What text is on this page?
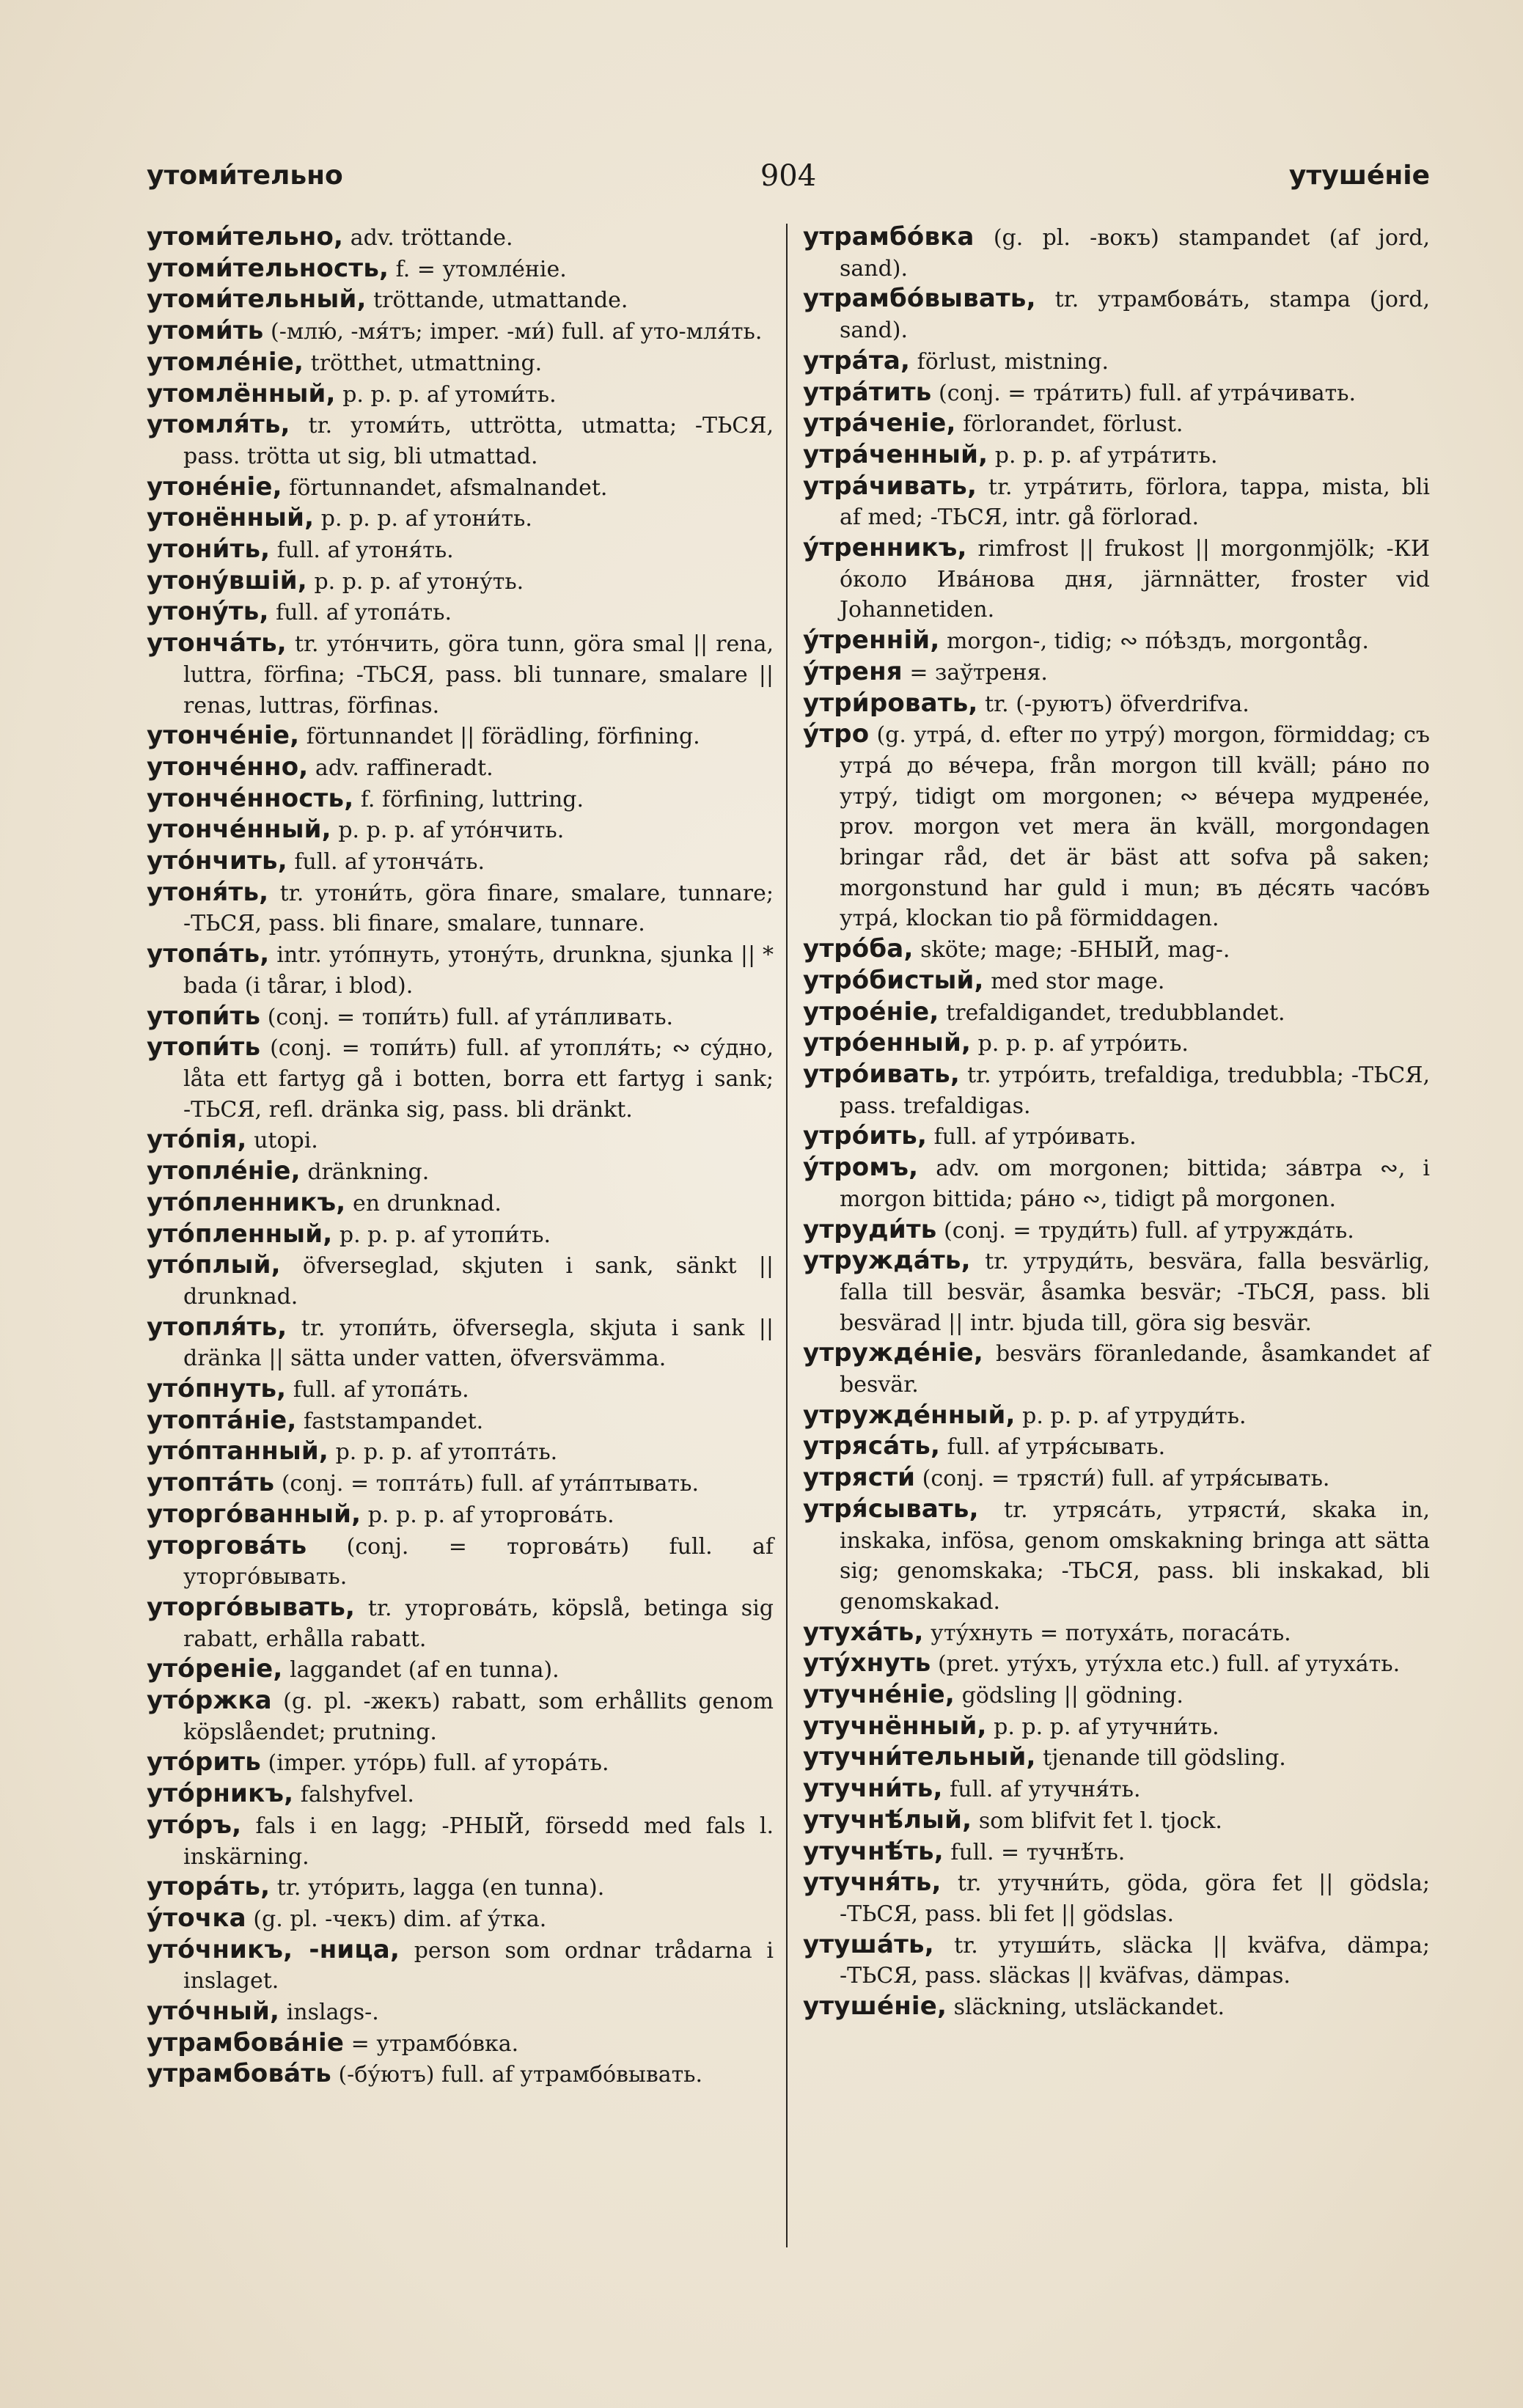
утоми́тельно	904	утуше́ніе
утоми́тельно, adv. tröttande.
утоми́тельность, f. = утомле́ніе.
утоми́тельный, tröttande, utmattande.
утоми́ть (-млю́, -мя́тъ; imper. -ми́) full. af уто-мля́ть.
утомле́ніе, trötthet, utmattning.
утомлённый, p. p. p. af утоми́ть.
утомля́ть, tr. утоми́ть, uttrötta, utmatta; -ТЬСЯ, pass. trötta ut sig, bli utmattad.
утоне́ніе, förtunnandet, afsmalnandet.
утонённый, p. p. p. af утони́ть.
утони́ть, full. af утоня́ть.
утону́вшій, p. p. p. af утону́ть.
утону́ть, full. af утопа́ть.
утонча́ть, tr. уто́нчить, göra tunn, göra smal || rena, luttra, förfina; -ТЬСЯ, pass. bli tunnare, smalare || renas, luttras, förfinas.
утонче́ніе, förtunnandet || förädling, förfining.
утонче́нно, adv. raffineradt.
утонче́нность, f. förfining, luttring.
утонче́нный, p. p. p. af уто́нчить.
уто́нчить, full. af утонча́ть.
утоня́ть, tr. утони́ть, göra finare, smalare, tunnare; -ТЬСЯ, pass. bli finare, smalare, tunnare.
утопа́ть, intr. уто́пнуть, утону́ть, drunkna, sjunka || * bada (i tårar, i blod).
утопи́ть (conj. = топи́ть) full. af ута́пливать.
утопи́ть (conj. = топи́ть) full. af утопля́ть; ∾ су́дно, låta ett fartyg gå i botten, borra ett fartyg i sank; -ТЬСЯ, refl. dränka sig, pass. bli dränkt.
уто́пія, utopi.
утопле́ніе, dränkning.
уто́пленникъ, en drunknad.
уто́пленный, p. p. p. af утопи́ть.
уто́плый, öfverseglad, skjuten i sank, sänkt || drunknad.
утопля́ть, tr. утопи́ть, öfversegla, skjuta i sank || dränka || sätta under vatten, öfversvämma.
уто́пнуть, full. af утопа́ть.
утопта́ніе, faststampandet.
уто́птанный, p. p. p. af утопта́ть.
утопта́ть (conj. = топта́ть) full. af ута́птывать.
уторго́ванный, p. p. p. af уторгова́ть.
уторгова́ть (conj. = торгова́ть) full. af уторго́вывать.
уторго́вывать, tr. уторгова́ть, köpslå, betinga sig rabatt, erhålla rabatt.
уто́реніе, laggandet (af en tunna).
уто́ржка (g. pl. -жекъ) rabatt, som erhållits genom köpslåendet; prutning.
уто́рить (imper. уто́рь) full. af утора́ть.
уто́рникъ, falshyfvel.
уто́ръ, fals i en lagg; -РНЫЙ, försedd med fals l. inskärning.
утора́ть, tr. уто́рить, lagga (en tunna).
у́точка (g. pl. -чекъ) dim. af у́тка.
уто́чникъ, -ница, person som ordnar trådarna i inslaget.
уто́чный, inslags-.
утрамбова́ніе = утрамбо́вка.
утрамбова́ть (-бу́ютъ) full. af утрамбо́вывать.
утрамбо́вка (g. pl. -вокъ) stampandet (af jord, sand).
утрамбо́вывать, tr. утрамбова́ть, stampa (jord, sand).
утра́та, förlust, mistning.
утра́тить (conj. = тра́тить) full. af утра́чивать.
утра́ченіе, förlorandet, förlust.
утра́ченный, p. p. p. af утра́тить.
утра́чивать, tr. утра́тить, förlora, tappa, mista, bli af med; -ТЬСЯ, intr. gå förlorad.
у́тренникъ, rimfrost || frukost || morgonmjölk; -КИ о́коло Ива́нова дня, järnnätter, froster vid Johannetiden.
у́тренній, morgon-, tidig; ∾ по́ѣздъ, morgontåg.
у́треня = заўтреня.
утри́ровать, tr. (-руютъ) öfverdrifva.
у́тро (g. утра́, d. efter по утру́) morgon, förmiddag; съ утра́ до ве́чера, från morgon till kväll; ра́но по утру́, tidigt om morgonen; ∾ ве́чера мудрене́е, prov. morgon vet mera än kväll, morgondagen bringar råd, det är bäst att sofva på saken; morgonstund har guld i mun; въ де́сять часо́въ утра́, klockan tio på förmiddagen.
утро́ба, sköte; mage; -БНЫЙ, mag-.
утро́бистый, med stor mage.
утрое́ніе, trefaldigandet, tredubblandet.
утро́енный, p. p. p. af утро́ить.
утро́ивать, tr. утро́ить, trefaldiga, tredubbla; -ТЬСЯ, pass. trefaldigas.
утро́ить, full. af утро́ивать.
у́тромъ, adv. om morgonen; bittida; за́втра ∾, i morgon bittida; ра́но ∾, tidigt på morgonen.
утруди́ть (conj. = труди́ть) full. af утружда́ть.
утружда́ть, tr. утруди́ть, besvära, falla besvärlig, falla till besvär, åsamka besvär; -ТЬСЯ, pass. bli besvärad || intr. bjuda till, göra sig besvär.
утружде́ніе, besvärs föranledande, åsamkandet af besvär.
утружде́нный, p. p. p. af утруди́ть.
утряса́ть, full. af утря́сывать.
утрясти́ (conj. = трясти́) full. af утря́сывать.
утря́сывать, tr. утряса́ть, утрясти́, skaka in, inskaka, infösa, genom omskakning bringa att sätta sig; genomskaka; -ТЬСЯ, pass. bli inskakad, bli genomskakad.
утуха́ть, уту́хнуть = потуха́ть, погаса́ть.
уту́хнуть (pret. уту́хъ, уту́хла etc.) full. af утуха́ть.
утучне́ніе, gödsling || gödning.
утучнённый, p. p. p. af утучни́ть.
утучни́тельный, tjenande till gödsling.
утучни́ть, full. af утучня́ть.
утучнѣ́лый, som blifvit fet l. tjock.
утучнѣ́ть, full. = тучнѣ́ть.
утучня́ть, tr. утучни́ть, göda, göra fet || gödsla; -ТЬСЯ, pass. bli fet || gödslas.
утуша́ть, tr. утуши́ть, släcka || kväfva, dämpa; -ТЬСЯ, pass. släckas || kväfvas, dämpas.
утуше́ніе, släckning, utsläckandet.
